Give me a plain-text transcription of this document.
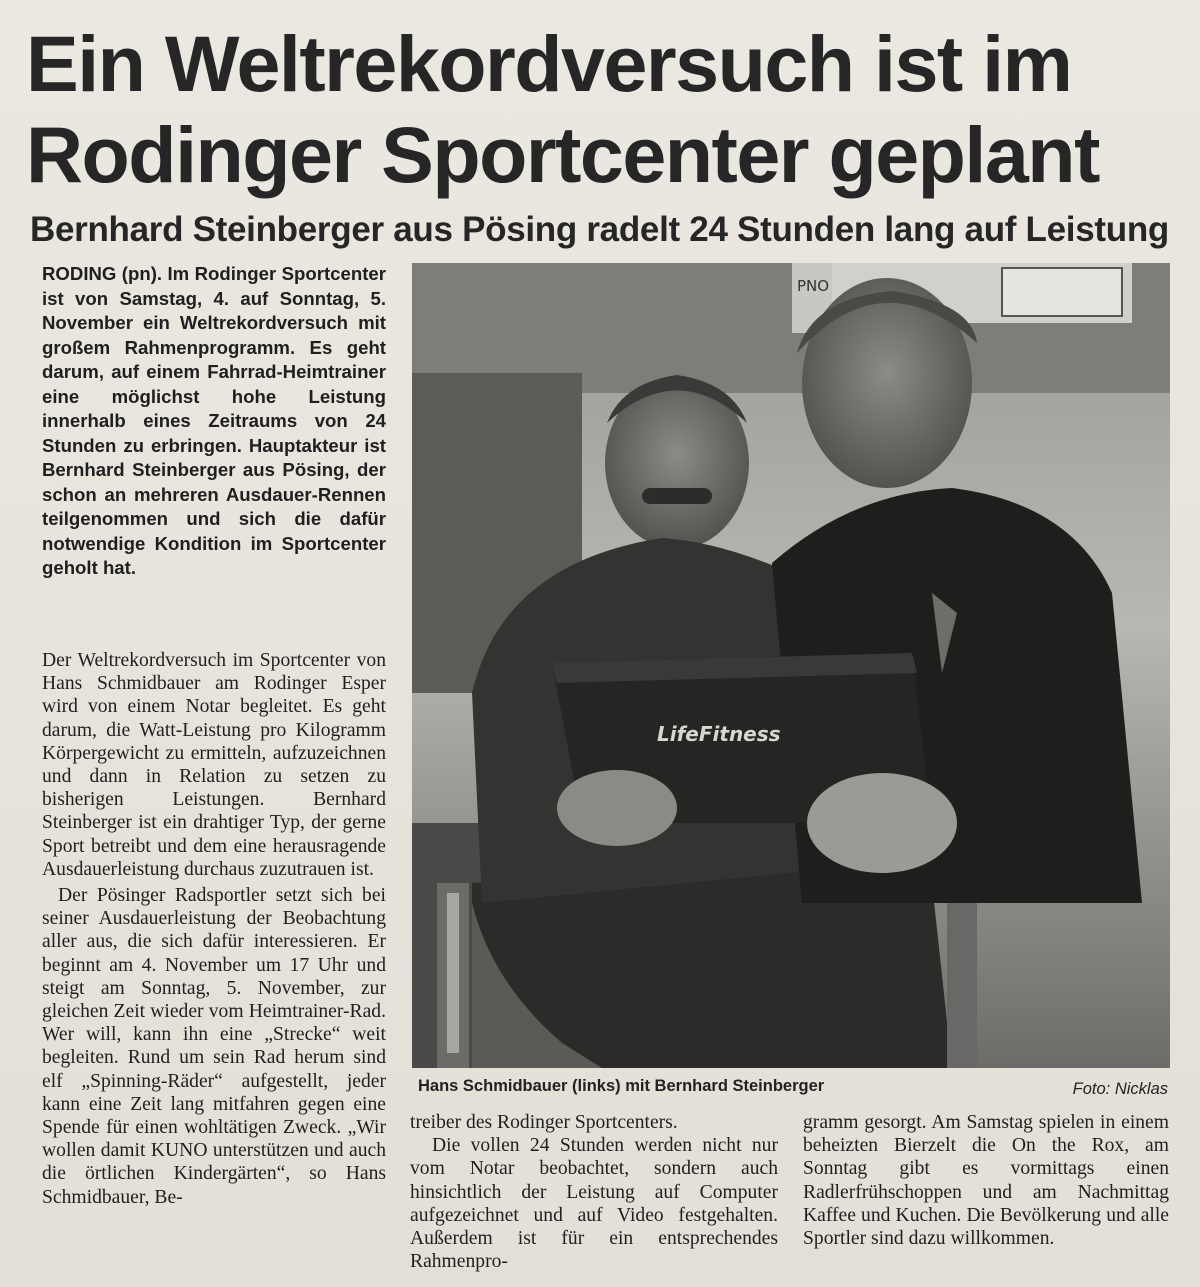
Ein Weltrekordversuch ist im Rodinger Sportcenter geplant
Bernhard Steinberger aus Pösing radelt 24 Stunden lang auf Leistung

RODING (pn). Im Rodinger Sportcenter ist von Samstag, 4. auf Sonntag, 5. November ein Weltrekordversuch mit großem Rahmenprogramm. Es geht darum, auf einem Fahrrad-Heimtrainer eine möglichst hohe Leistung innerhalb eines Zeitraums von 24 Stunden zu erbringen. Hauptakteur ist Bernhard Steinberger aus Pösing, der schon an mehreren Ausdauer-Rennen teilgenommen und sich die dafür notwendige Kondition im Sportcenter geholt hat.

Der Weltrekordversuch im Sportcenter von Hans Schmidbauer am Rodinger Esper wird von einem Notar begleitet. Es geht darum, die Watt-Leistung pro Kilogramm Körpergewicht zu ermitteln, aufzuzeichnen und dann in Relation zu setzen zu bisherigen Leistungen. Bernhard Steinberger ist ein drahtiger Typ, der gerne Sport betreibt und dem eine herausragende Ausdauerleistung durchaus zuzutrauen ist.

Der Pösinger Radsportler setzt sich bei seiner Ausdauerleistung der Beobachtung aller aus, die sich dafür interessieren. Er beginnt am 4. November um 17 Uhr und steigt am Sonntag, 5. November, zur gleichen Zeit wieder vom Heimtrainer-Rad. Wer will, kann ihn eine „Strecke“ weit begleiten. Rund um sein Rad herum sind elf „Spinning-Räder“ aufgestellt, jeder kann eine Zeit lang mitfahren gegen eine Spende für einen wohltätigen Zweck. „Wir wollen damit KUNO unterstützen und auch die örtlichen Kindergärten“, so Hans Schmidbauer, Be-

PNO
LifeFitness

Hans Schmidbauer (links) mit Bernhard Steinberger	Foto: Nicklas

treiber des Rodinger Sportcenters.

Die vollen 24 Stunden werden nicht nur vom Notar beobachtet, sondern auch hinsichtlich der Leistung auf Computer aufgezeichnet und auf Video festgehalten. Außerdem ist für ein entsprechendes Rahmenpro-

gramm gesorgt. Am Samstag spielen in einem beheizten Bierzelt die On the Rox, am Sonntag gibt es vormittags einen Radlerfrühschoppen und am Nachmittag Kaffee und Kuchen. Die Bevölkerung und alle Sportler sind dazu willkommen.
